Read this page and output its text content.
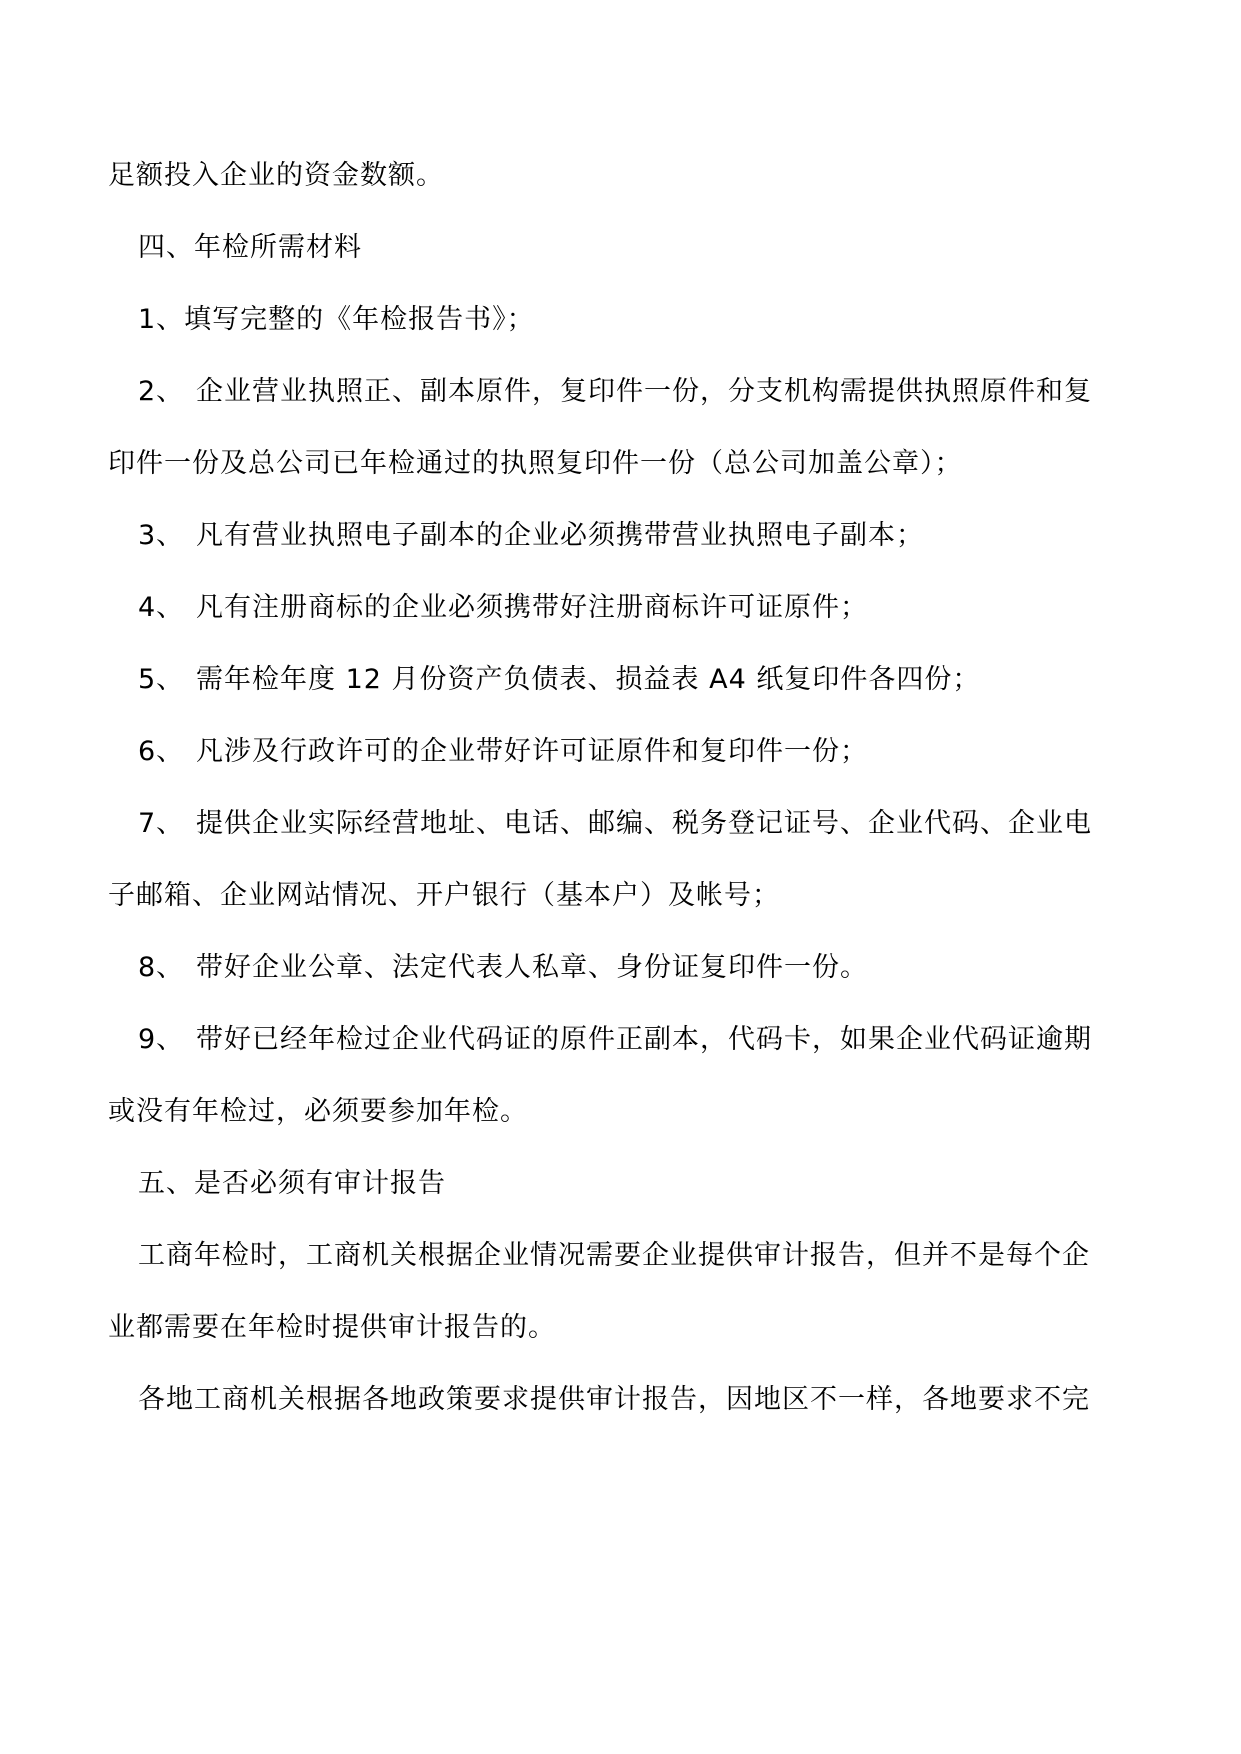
足额投入企业的资金数额。
四、年检所需材料
1、填写完整的《年检报告书》；
2、 企业营业执照正、副本原件，复印件一份，分支机构需提供执照原件和复
印件一份及总公司已年检通过的执照复印件一份（总公司加盖公章）；
3、 凡有营业执照电子副本的企业必须携带营业执照电子副本；
4、 凡有注册商标的企业必须携带好注册商标许可证原件；
5、 需年检年度 12 月份资产负债表、损益表 A4 纸复印件各四份；
6、 凡涉及行政许可的企业带好许可证原件和复印件一份；
7、 提供企业实际经营地址、电话、邮编、税务登记证号、企业代码、企业电
子邮箱、企业网站情况、开户银行（基本户）及帐号；
8、 带好企业公章、法定代表人私章、身份证复印件一份。
9、 带好已经年检过企业代码证的原件正副本，代码卡，如果企业代码证逾期
或没有年检过，必须要参加年检。
五、是否必须有审计报告
工商年检时，工商机关根据企业情况需要企业提供审计报告，但并不是每个企
业都需要在年检时提供审计报告的。
各地工商机关根据各地政策要求提供审计报告，因地区不一样，各地要求不完
